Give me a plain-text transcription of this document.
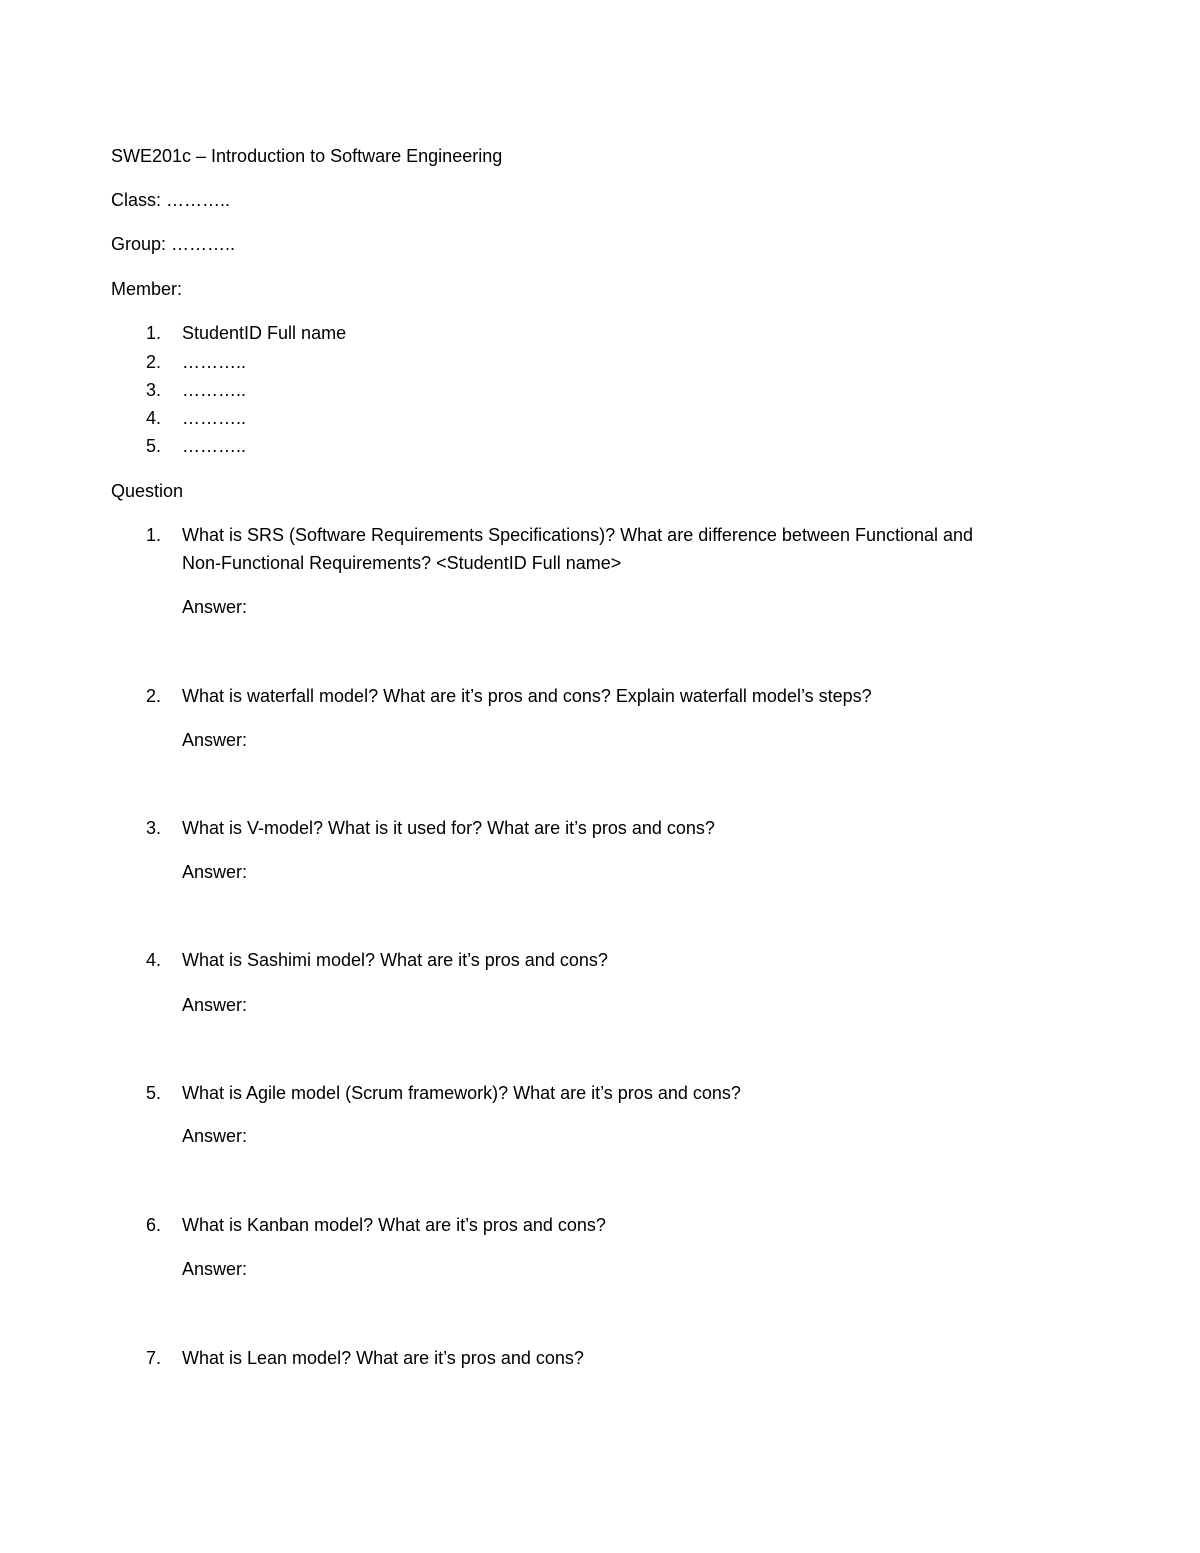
SWE201c – Introduction to Software Engineering
Class: ………..
Group: ………..
Member:
1.	StudentID Full name
2.	………..
3.	………..
4.	………..
5.	………..
Question
1.	What is SRS (Software Requirements Specifications)? What are difference between Functional and
Non-Functional Requirements? <StudentID Full name>
Answer:
2.	What is waterfall model? What are it’s pros and cons? Explain waterfall model’s steps?
Answer:
3.	What is V-model? What is it used for? What are it’s pros and cons?
Answer:
4.	What is Sashimi model? What are it’s pros and cons?
Answer:
5.	What is Agile model (Scrum framework)? What are it’s pros and cons?
Answer:
6.	What is Kanban model? What are it’s pros and cons?
Answer:
7.	What is Lean model? What are it’s pros and cons?
